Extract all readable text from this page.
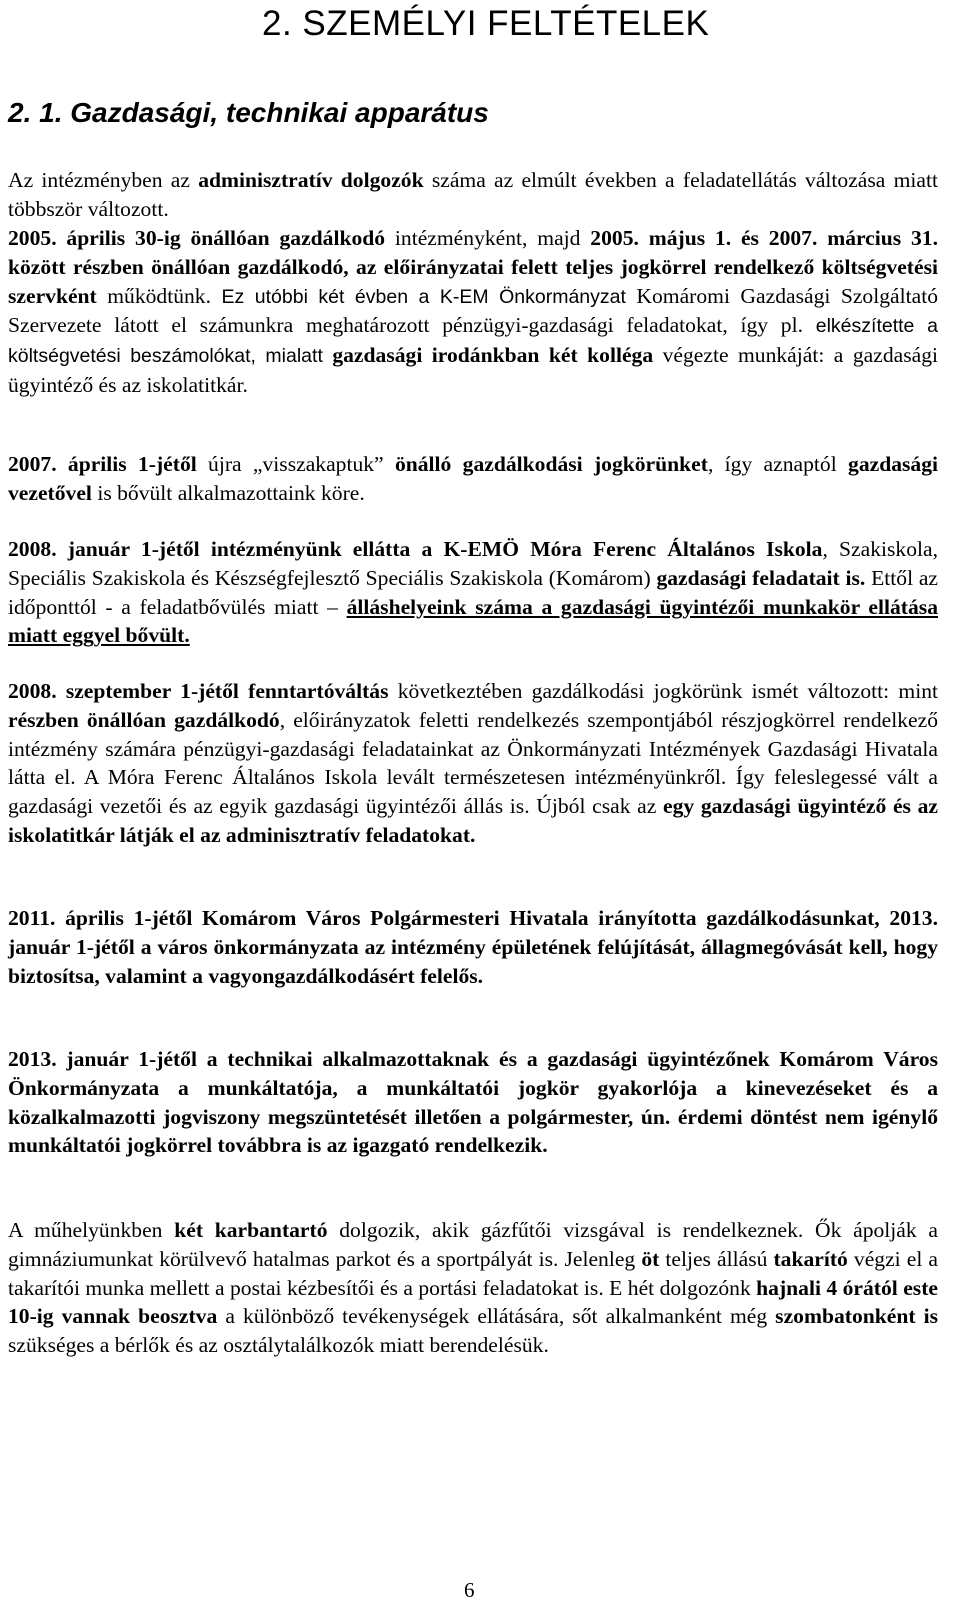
2. SZEMÉLYI FELTÉTELEK
2. 1. Gazdasági, technikai apparátus

Az intézményben az adminisztratív dolgozók száma az elmúlt években a feladatellátás változása miatt többször változott.

2005. április 30-ig önállóan gazdálkodó intézményként, majd 2005. május 1. és 2007. március 31. között részben önállóan gazdálkodó, az előirányzatai felett teljes jogkörrel rendelkező költségvetési szervként működtünk. Ez utóbbi két évben a K-EM Önkormányzat Komáromi Gazdasági Szolgáltató Szervezete látott el számunkra meghatározott pénzügyi-gazdasági feladatokat, így pl. elkészítette a költségvetési beszámolókat, mialatt gazdasági irodánkban két kolléga végezte munkáját: a gazdasági ügyintéző és az iskolatitkár.

2007. április 1-jétől újra „visszakaptuk” önálló gazdálkodási jogkörünket, így aznaptól gazdasági vezetővel is bővült alkalmazottaink köre.

2008. január 1-jétől intézményünk ellátta a K-EMÖ Móra Ferenc Általános Iskola, Szakiskola, Speciális Szakiskola és Készségfejlesztő Speciális Szakiskola (Komárom) gazdasági feladatait is. Ettől az időponttól - a feladatbővülés miatt – álláshelyeink száma a gazdasági ügyintézői munkakör ellátása miatt eggyel bővült.

2008. szeptember 1-jétől fenntartóváltás következtében gazdálkodási jogkörünk ismét változott: mint részben önállóan gazdálkodó, előirányzatok feletti rendelkezés szempontjából részjogkörrel rendelkező intézmény számára pénzügyi-gazdasági feladatainkat az Önkormányzati Intézmények Gazdasági Hivatala látta el. A Móra Ferenc Általános Iskola levált természetesen intézményünkről. Így feleslegessé vált a gazdasági vezetői és az egyik gazdasági ügyintézői állás is. Újból csak az egy gazdasági ügyintéző és az iskolatitkár látják el az adminisztratív feladatokat.

2011. április 1-jétől Komárom Város Polgármesteri Hivatala irányította gazdálkodásunkat, 2013. január 1-jétől a város önkormányzata az intézmény épületének felújítását, állagmegóvását kell, hogy biztosítsa, valamint a vagyongazdálkodásért felelős.

2013. január 1-jétől a technikai alkalmazottaknak és a gazdasági ügyintézőnek Komárom Város Önkormányzata a munkáltatója, a munkáltatói jogkör gyakorlója a kinevezéseket és a közalkalmazotti jogviszony megszüntetését illetően a polgármester, ún. érdemi döntést nem igénylő munkáltatói jogkörrel továbbra is az igazgató rendelkezik.

A műhelyünkben két karbantartó dolgozik, akik gázfűtői vizsgával is rendelkeznek. Ők ápolják a gimnáziumunkat körülvevő hatalmas parkot és a sportpályát is. Jelenleg öt teljes állású takarító végzi el a takarítói munka mellett a postai kézbesítői és a portási feladatokat is. E hét dolgozónk hajnali 4 órától este 10-ig vannak beosztva a különböző tevékenységek ellátására, sőt alkalmanként még szombatonként is szükséges a bérlők és az osztálytalálkozók miatt berendelésük.

6
